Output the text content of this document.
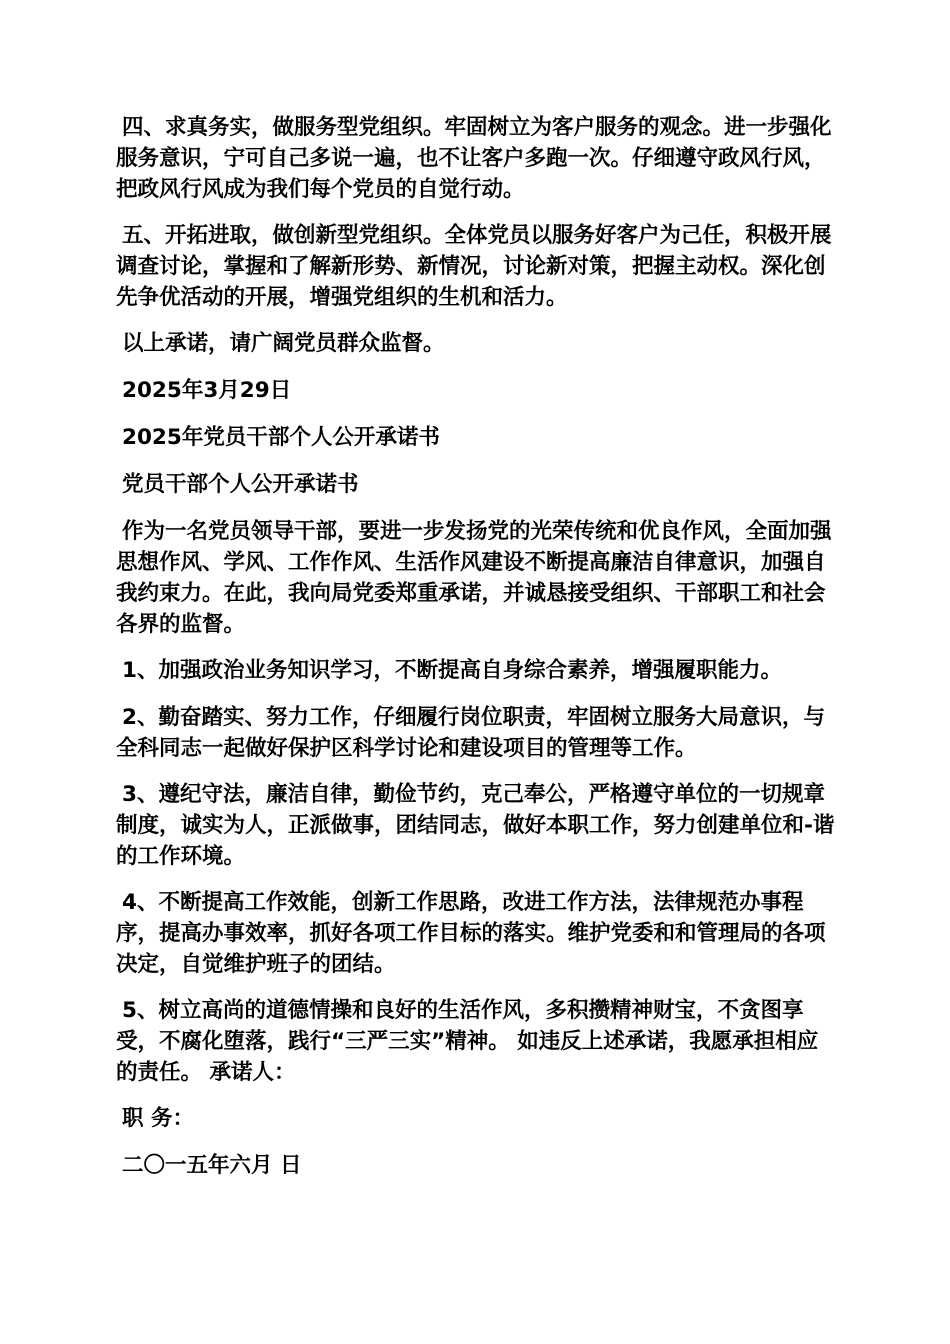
四、求真务实，做服务型党组织。牢固树立为客户服务的观念。进一步强化服务意识，宁可自己多说一遍，也不让客户多跑一次。仔细遵守政风行风，把政风行风成为我们每个党员的自觉行动。

五、开拓进取，做创新型党组织。全体党员以服务好客户为己任，积极开展调查讨论，掌握和了解新形势、新情况，讨论新对策，把握主动权。深化创先争优活动的开展，增强党组织的生机和活力。

以上承诺，请广阔党员群众监督。

2025年3月29日

2025年党员干部个人公开承诺书

党员干部个人公开承诺书

作为一名党员领导干部，要进一步发扬党的光荣传统和优良作风，全面加强思想作风、学风、工作作风、生活作风建设不断提高廉洁自律意识，加强自我约束力。在此，我向局党委郑重承诺，并诚恳接受组织、干部职工和社会各界的监督。

1、加强政治业务知识学习，不断提高自身综合素养，增强履职能力。

2、勤奋踏实、努力工作，仔细履行岗位职责，牢固树立服务大局意识，与全科同志一起做好保护区科学讨论和建设项目的管理等工作。

3、遵纪守法，廉洁自律，勤俭节约，克己奉公，严格遵守单位的一切规章制度，诚实为人，正派做事，团结同志，做好本职工作，努力创建单位和-谐的工作环境。

4、不断提高工作效能，创新工作思路，改进工作方法，法律规范办事程序，提高办事效率，抓好各项工作目标的落实。维护党委和和管理局的各项决定，自觉维护班子的团结。

5、树立高尚的道德情操和良好的生活作风，多积攒精神财宝，不贪图享受，不腐化堕落，践行“三严三实”精神。 如违反上述承诺，我愿承担相应的责任。 承诺人：

职 务：

二〇一五年六月 日
